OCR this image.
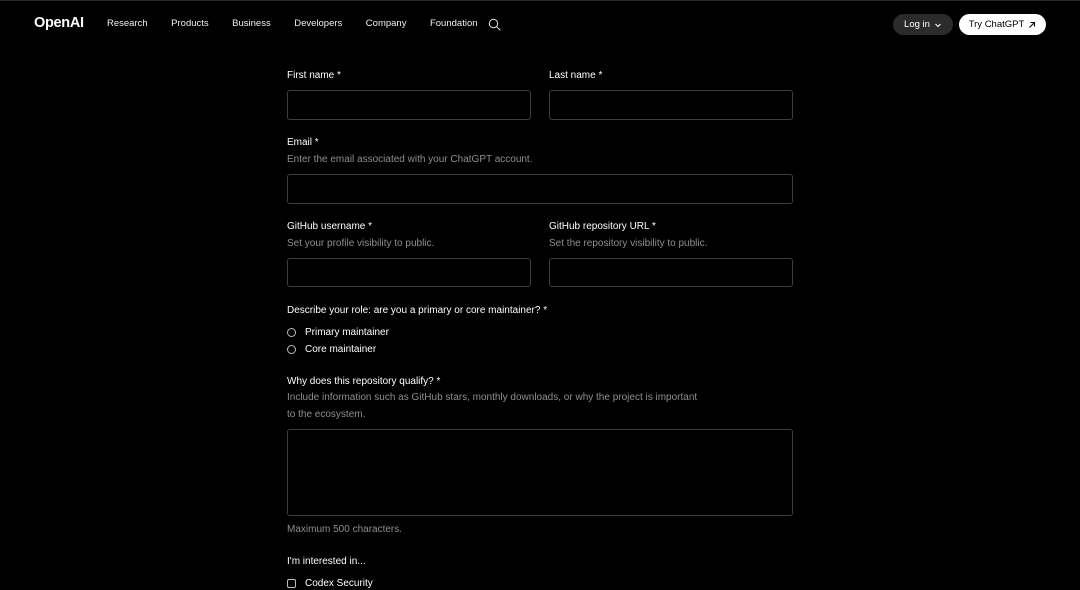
OpenAI Research Products Business Developers Company Foundation	Log in	Try ChatGPT
First name *	Last name *
Email *
Enter the email associated with your ChatGPT account.
GitHub username *
Set your profile visibility to public.
GitHub repository URL *
Set the repository visibility to public.
Describe your role: are you a primary or core maintainer? *
Primary maintainer
Core maintainer
Why does this repository qualify? *
Include information such as GitHub stars, monthly downloads, or why the project is important
to the ecosystem.
Maximum 500 characters.
I'm interested in...
Codex Security
